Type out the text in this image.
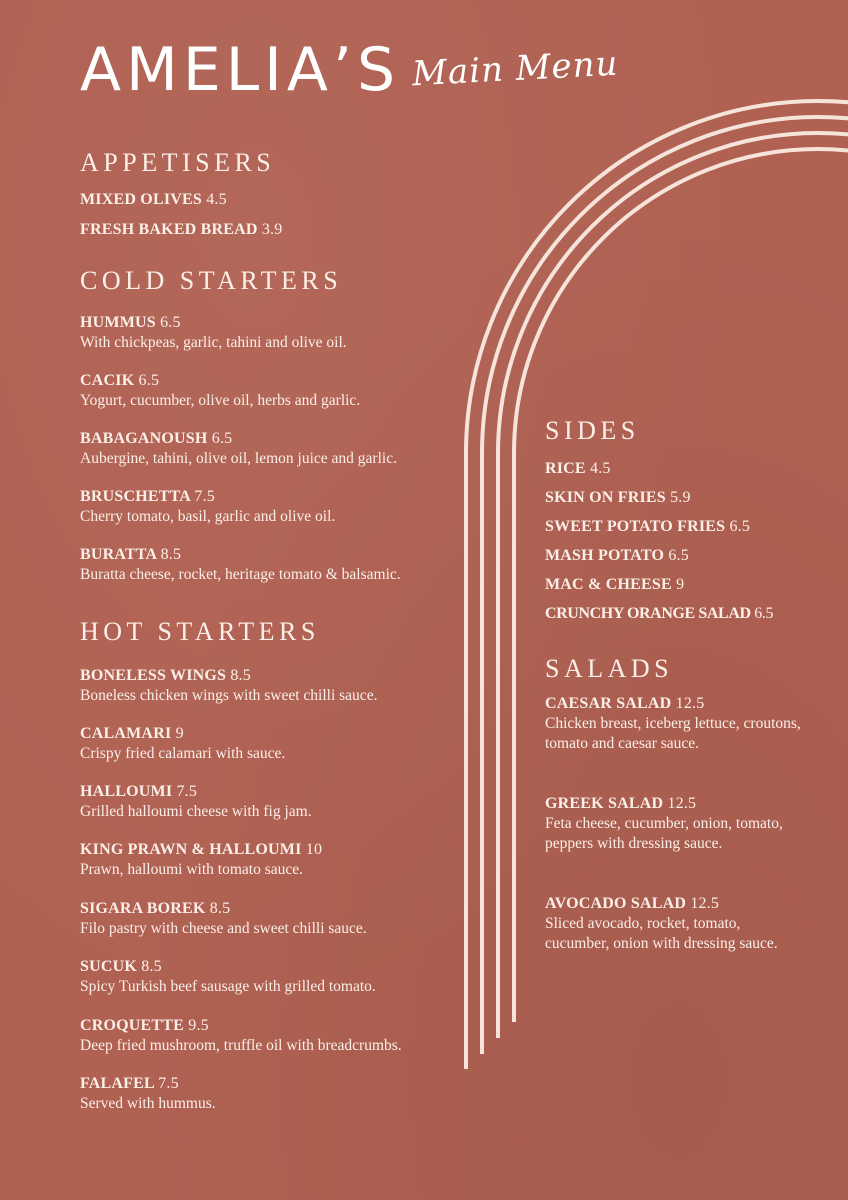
AMELIA’S Main Menu
APPETISERS
MIXED OLIVES 4.5
FRESH BAKED BREAD 3.9
COLD STARTERS
HUMMUS 6.5
With chickpeas, garlic, tahini and olive oil.
CACIK 6.5
Yogurt, cucumber, olive oil, herbs and garlic.
BABAGANOUSH 6.5
Aubergine, tahini, olive oil, lemon juice and garlic.
BRUSCHETTA 7.5
Cherry tomato, basil, garlic and olive oil.
BURATTA 8.5
Buratta cheese, rocket, heritage tomato & balsamic.
HOT STARTERS
BONELESS WINGS 8.5
Boneless chicken wings with sweet chilli sauce.
CALAMARI 9
Crispy fried calamari with sauce.
HALLOUMI 7.5
Grilled halloumi cheese with fig jam.
KING PRAWN & HALLOUMI 10
Prawn, halloumi with tomato sauce.
SIGARA BOREK 8.5
Filo pastry with cheese and sweet chilli sauce.
SUCUK 8.5
Spicy Turkish beef sausage with grilled tomato.
CROQUETTE 9.5
Deep fried mushroom, truffle oil with breadcrumbs.
FALAFEL 7.5
Served with hummus.
SIDES
RICE 4.5
SKIN ON FRIES 5.9
SWEET POTATO FRIES 6.5
MASH POTATO 6.5
MAC & CHEESE 9
CRUNCHY ORANGE SALAD 6.5
SALADS
CAESAR SALAD 12.5
Chicken breast, iceberg lettuce, croutons, tomato and caesar sauce.
GREEK SALAD 12.5
Feta cheese, cucumber, onion, tomato, peppers with dressing sauce.
AVOCADO SALAD 12.5
Sliced avocado, rocket, tomato, cucumber, onion with dressing sauce.
